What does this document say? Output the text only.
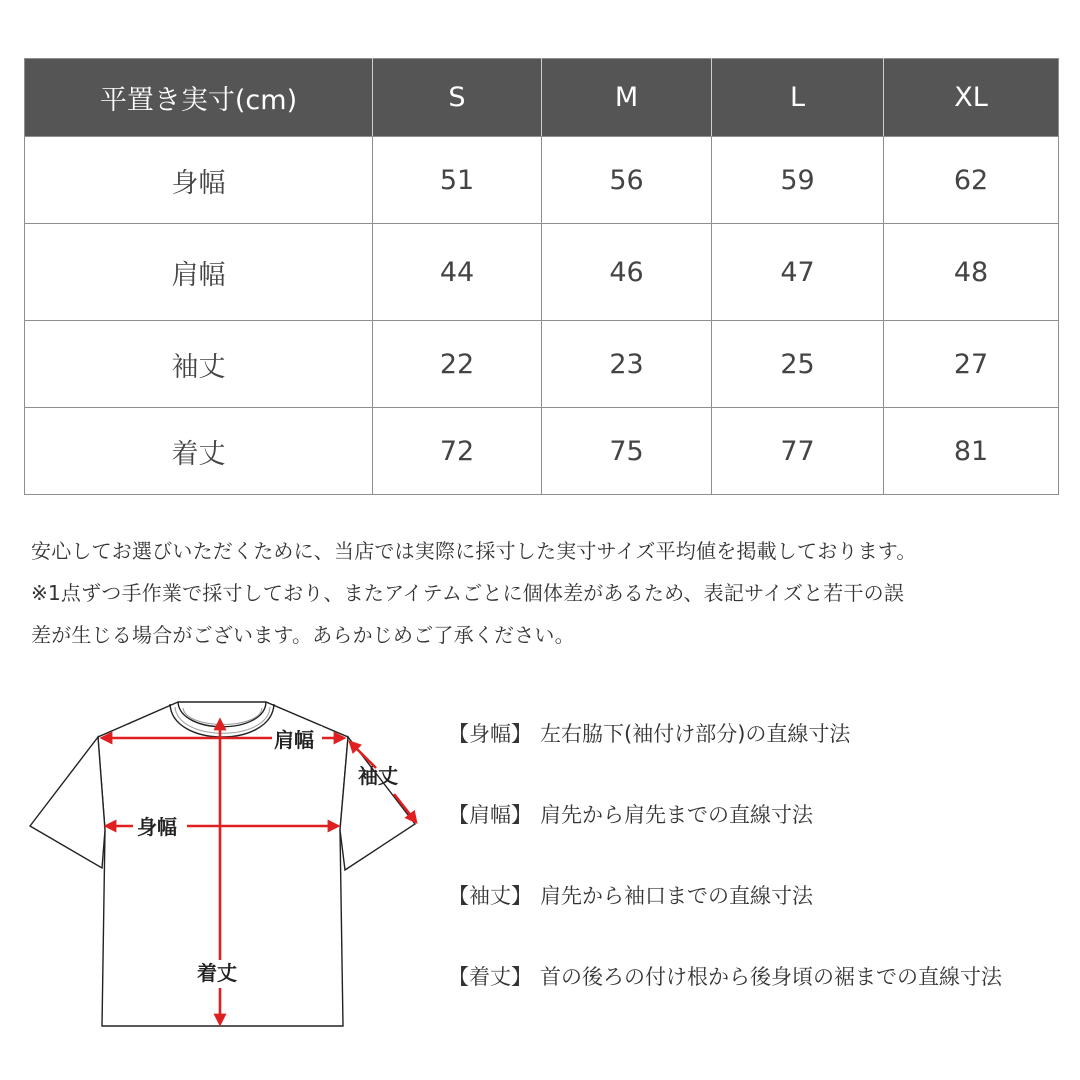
平置き実寸(cm)	S	M	L	XL
身幅	51	56	59	62
肩幅	44	46	47	48
袖丈	22	23	25	27
着丈	72	75	77	81

安心してお選びいただくために、当店では実際に採寸した実寸サイズ平均値を掲載しております。

※1点ずつ手作業で採寸しており、またアイテムごとに個体差があるため、表記サイズと若干の誤

差が生じる場合がございます。あらかじめご了承ください。

肩幅
袖丈
身幅
着丈
【身幅】 左右脇下(袖付け部分)の直線寸法
【肩幅】 肩先から肩先までの直線寸法
【袖丈】 肩先から袖口までの直線寸法
【着丈】 首の後ろの付け根から後身頃の裾までの直線寸法
